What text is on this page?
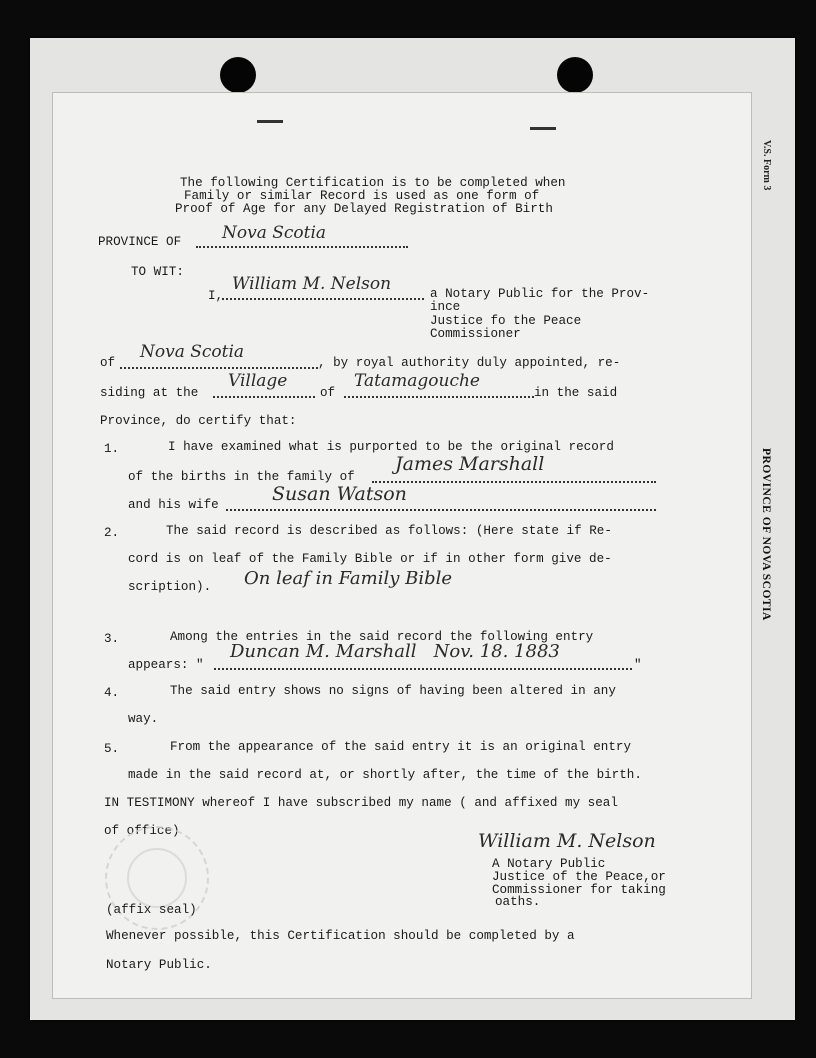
V.S. Form 3
PROVINCE OF NOVA SCOTIA
The following Certification is to be completed when
Family or similar Record is used as one form of
Proof of Age for any Delayed Registration of Birth
PROVINCE OF Nova Scotia
TO WIT:
I,
William M. Nelson	a Notary Public for the Prov-
ince
Justice fo the Peace
Commissioner
of
Nova Scotia
, by royal authority duly appointed, re-
siding at the
Village
of
Tatamagouche
in the said
Province, do certify that:
1.	I have examined what is purported to be the original record
of the births in the family of
James Marshall
and his wife	Susan Watson
2.	The said record is described as follows: (Here state if Re-
cord is on leaf of the Family Bible or if in other form give de-
scription). On leaf in Family Bible
3.	Among the entries in the said record the following entry
appears: "
Duncan M. Marshall   Nov. 18. 1883
"
4.	The said entry shows no signs of having been altered in any
way.
5.	From the appearance of the said entry it is an original entry
made in the said record at, or shortly after, the time of the birth.
IN TESTIMONY whereof I have subscribed my name ( and affixed my seal
of office)	William M. Nelson
A Notary Public
Justice of the Peace,or
Commissioner for taking
oaths.
(affix seal)
Whenever possible, this Certification should be completed by a
Notary Public.
